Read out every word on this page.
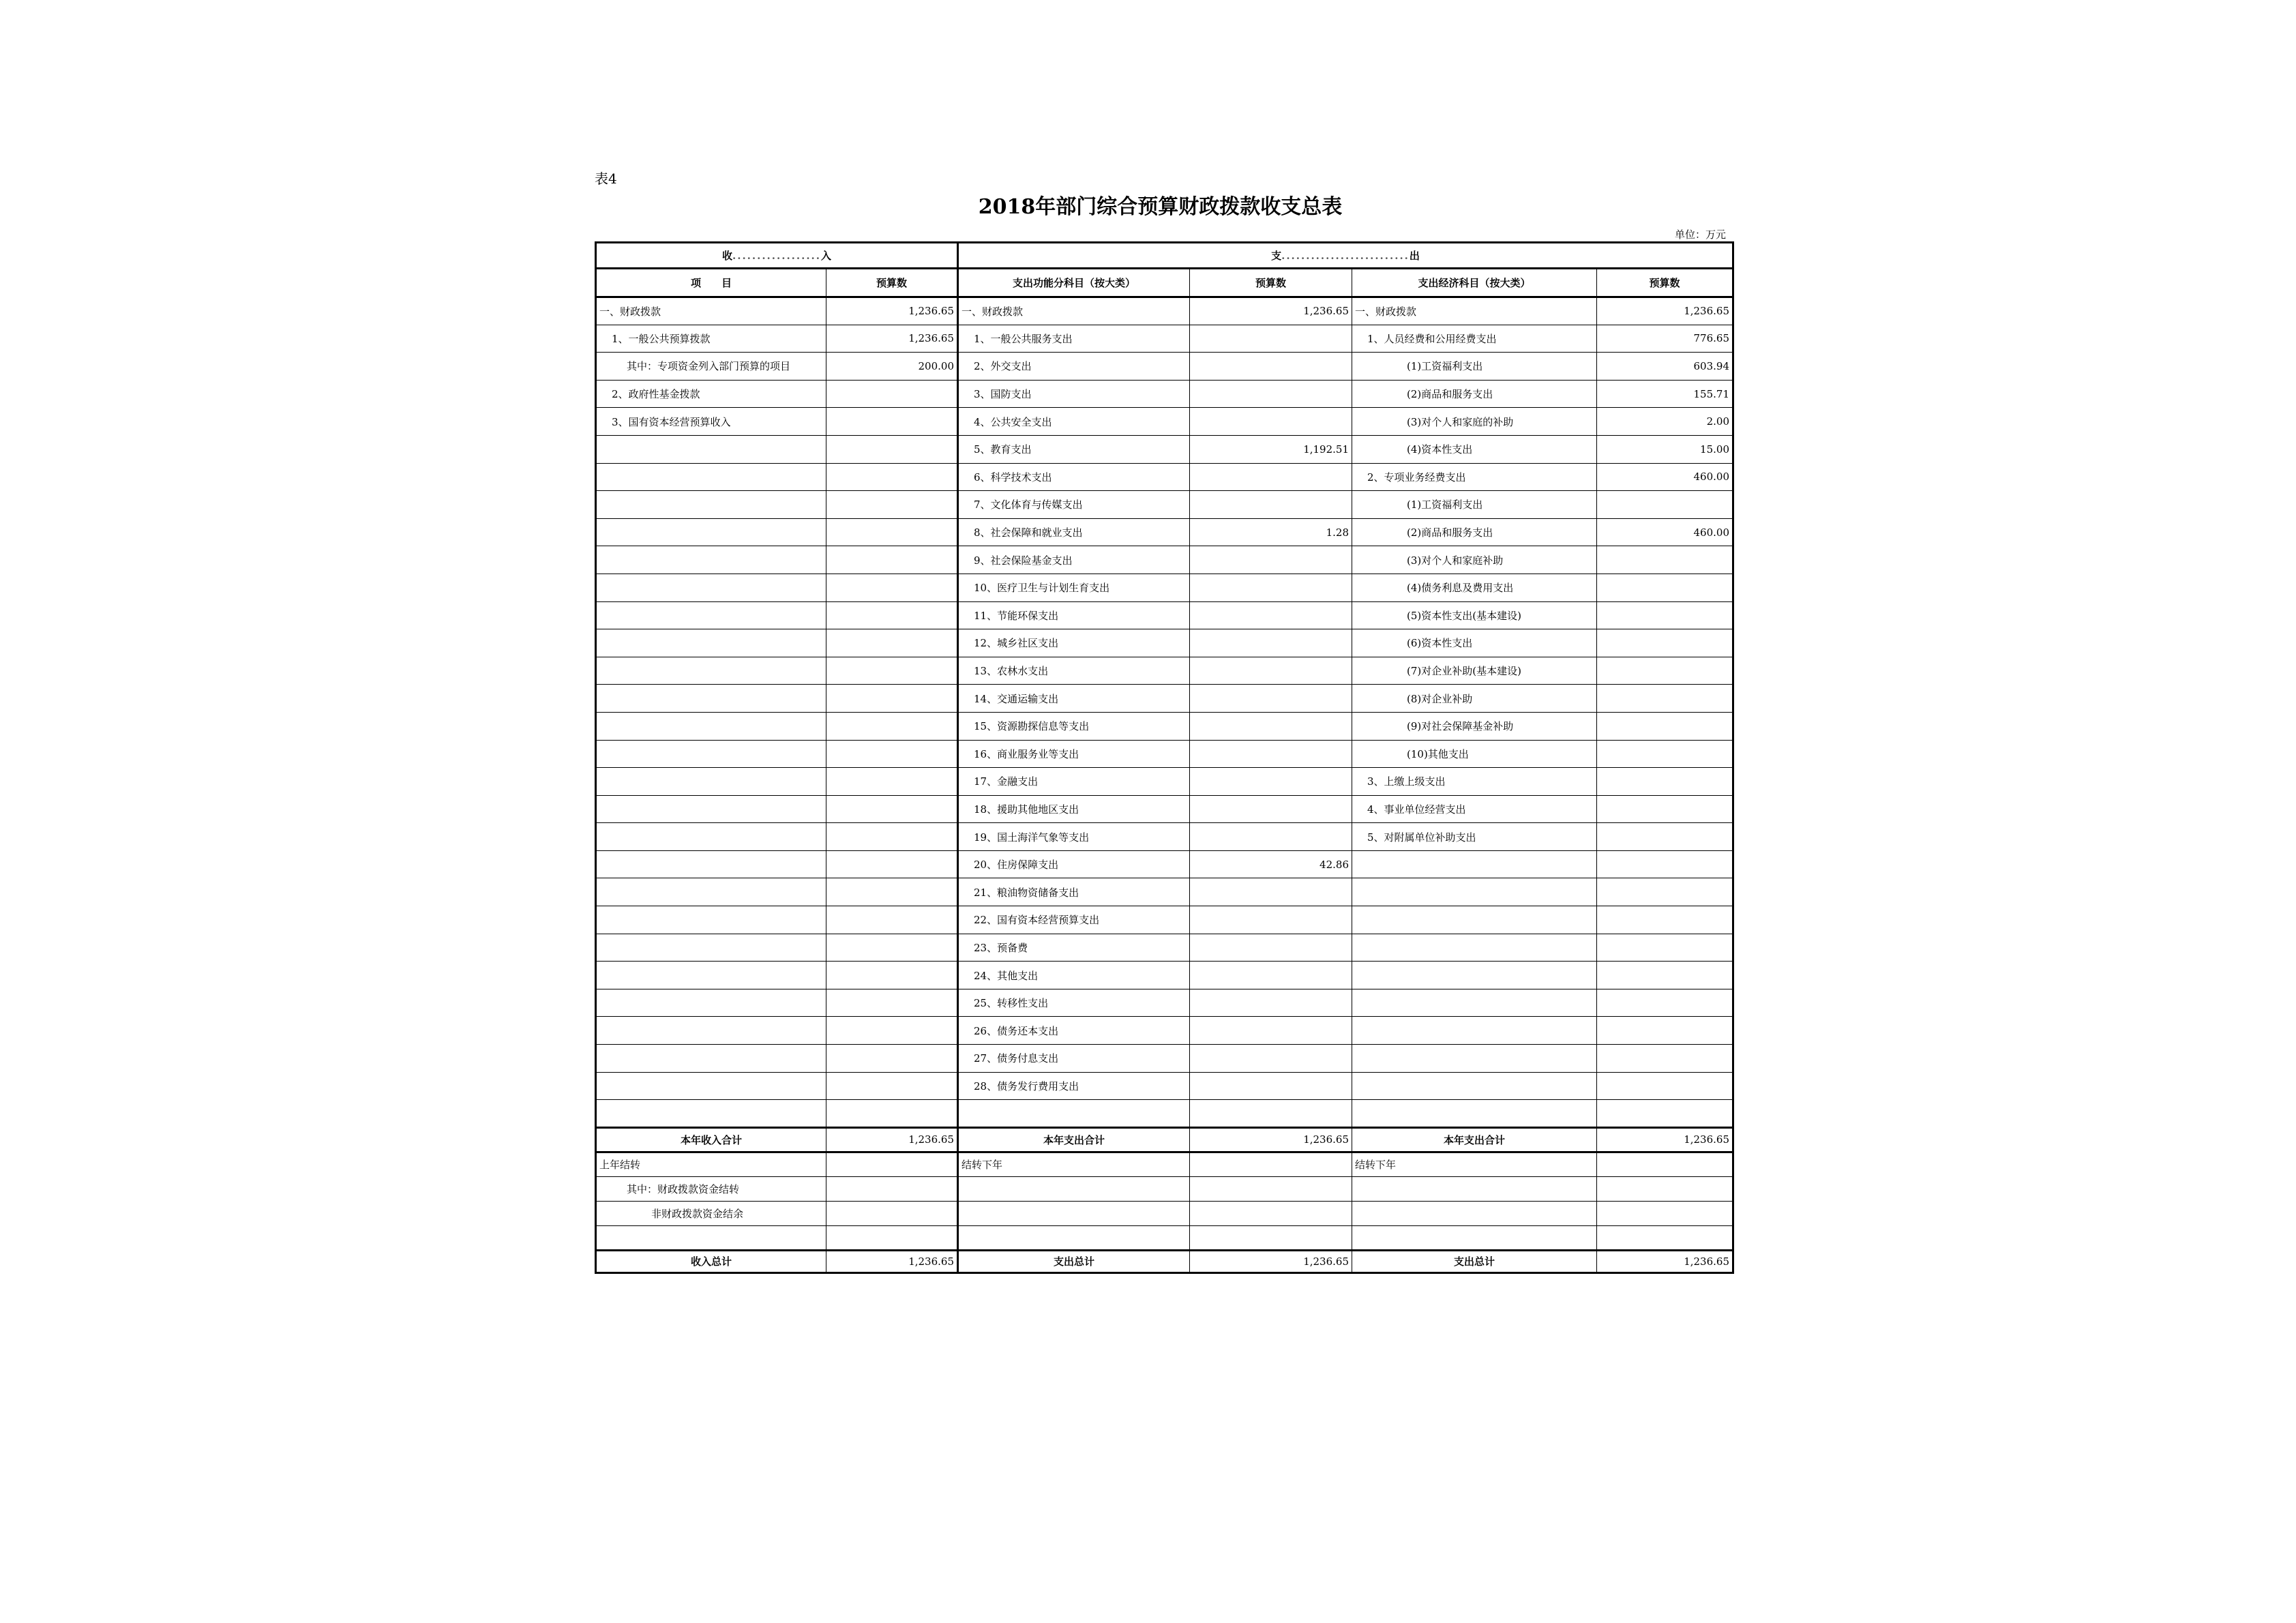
表4
2018年部门综合预算财政拨款收支总表
单位：万元
收..................入		支..........................出			
项　　目	预算数	支出功能分科目（按大类）	预算数	支出经济科目（按大类）	预算数
一、财政拨款	1,236.65	一、财政拨款	1,236.65	一、财政拨款	1,236.65
1、一般公共预算拨款	1,236.65	1、一般公共服务支出		1、人员经费和公用经费支出	776.65
其中：专项资金列入部门预算的项目	200.00	2、外交支出		(1)工资福利支出	603.94
2、政府性基金拨款		3、国防支出		(2)商品和服务支出	155.71
3、国有资本经营预算收入		4、公共安全支出		(3)对个人和家庭的补助	2.00
		5、教育支出	1,192.51	(4)资本性支出	15.00
		6、科学技术支出		2、专项业务经费支出	460.00
		7、文化体育与传媒支出		(1)工资福利支出	
		8、社会保障和就业支出	1.28	(2)商品和服务支出	460.00
		9、社会保险基金支出		(3)对个人和家庭补助	
		10、医疗卫生与计划生育支出		(4)债务利息及费用支出	
		11、节能环保支出		(5)资本性支出(基本建设)	
		12、城乡社区支出		(6)资本性支出	
		13、农林水支出		(7)对企业补助(基本建设)	
		14、交通运输支出		(8)对企业补助	
		15、资源勘探信息等支出		(9)对社会保障基金补助	
		16、商业服务业等支出		(10)其他支出	
		17、金融支出		3、上缴上级支出	
		18、援助其他地区支出		4、事业单位经营支出	
		19、国土海洋气象等支出		5、对附属单位补助支出	
		20、住房保障支出	42.86		
		21、粮油物资储备支出			
		22、国有资本经营预算支出			
		23、预备费			
		24、其他支出			
		25、转移性支出			
		26、债务还本支出			
		27、债务付息支出			
		28、债务发行费用支出			

本年收入合计	1,236.65	本年支出合计	1,236.65	本年支出合计	1,236.65
上年结转		结转下年		结转下年	
其中：财政拨款资金结转					
非财政拨款资金结余					

收入总计	1,236.65	支出总计	1,236.65	支出总计	1,236.65
